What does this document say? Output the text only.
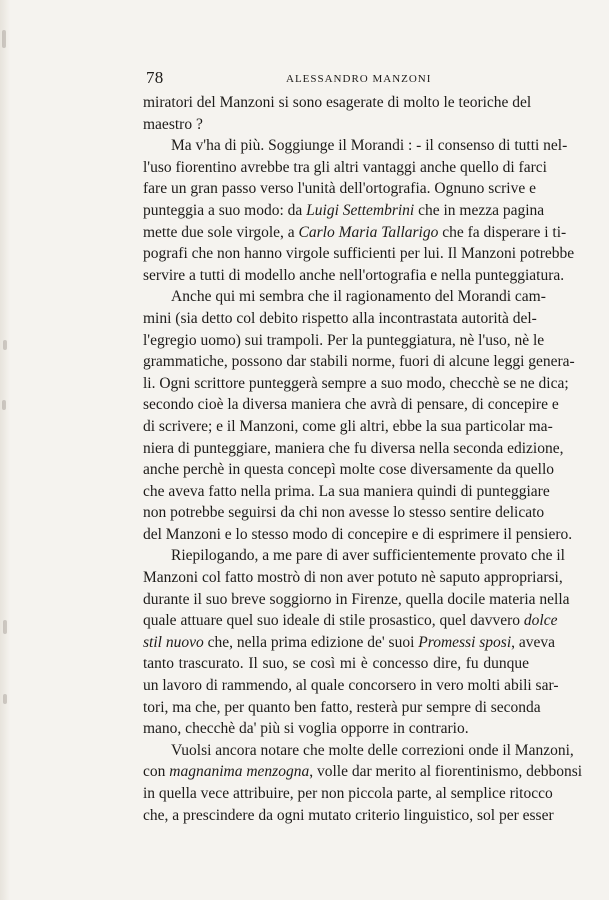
78	ALESSANDRO MANZONI
miratori del Manzoni si sono esagerate di molto le teoriche del
maestro ?
Ma v'ha di più. Soggiunge il Morandi : - il consenso di tutti nel-
l'uso fiorentino avrebbe tra gli altri vantaggi anche quello di farci
fare un gran passo verso l'unità dell'ortografia. Ognuno scrive e
punteggia a suo modo: da Luigi Settembrini che in mezza pagina
mette due sole virgole, a Carlo Maria Tallarigo che fa disperare i ti-
pografi che non hanno virgole sufficienti per lui. Il Manzoni potrebbe
servire a tutti di modello anche nell'ortografia e nella punteggiatura.
Anche qui mi sembra che il ragionamento del Morandi cam-
mini (sia detto col debito rispetto alla incontrastata autorità del-
l'egregio uomo) sui trampoli. Per la punteggiatura, nè l'uso, nè le
grammatiche, possono dar stabili norme, fuori di alcune leggi genera-
li. Ogni scrittore punteggerà sempre a suo modo, checchè se ne dica;
secondo cioè la diversa maniera che avrà di pensare, di concepire e
di scrivere; e il Manzoni, come gli altri, ebbe la sua particolar ma-
niera di punteggiare, maniera che fu diversa nella seconda edizione,
anche perchè in questa concepì molte cose diversamente da quello
che aveva fatto nella prima. La sua maniera quindi di punteggiare
non potrebbe seguirsi da chi non avesse lo stesso sentire delicato
del Manzoni e lo stesso modo di concepire e di esprimere il pensiero.
Riepilogando, a me pare di aver sufficientemente provato che il
Manzoni col fatto mostrò di non aver potuto nè saputo appropriarsi,
durante il suo breve soggiorno in Firenze, quella docile materia nella
quale attuare quel suo ideale di stile prosastico, quel davvero dolce
stil nuovo che, nella prima edizione de' suoi Promessi sposi, aveva
tanto trascurato. Il suo, se così mi è concesso dire, fu dunque
un lavoro di rammendo, al quale concorsero in vero molti abili sar-
tori, ma che, per quanto ben fatto, resterà pur sempre di seconda
mano, checchè da' più si voglia opporre in contrario.
Vuolsi ancora notare che molte delle correzioni onde il Manzoni,
con magnanima menzogna, volle dar merito al fiorentinismo, debbonsi
in quella vece attribuire, per non piccola parte, al semplice ritocco
che, a prescindere da ogni mutato criterio linguistico, sol per esser
